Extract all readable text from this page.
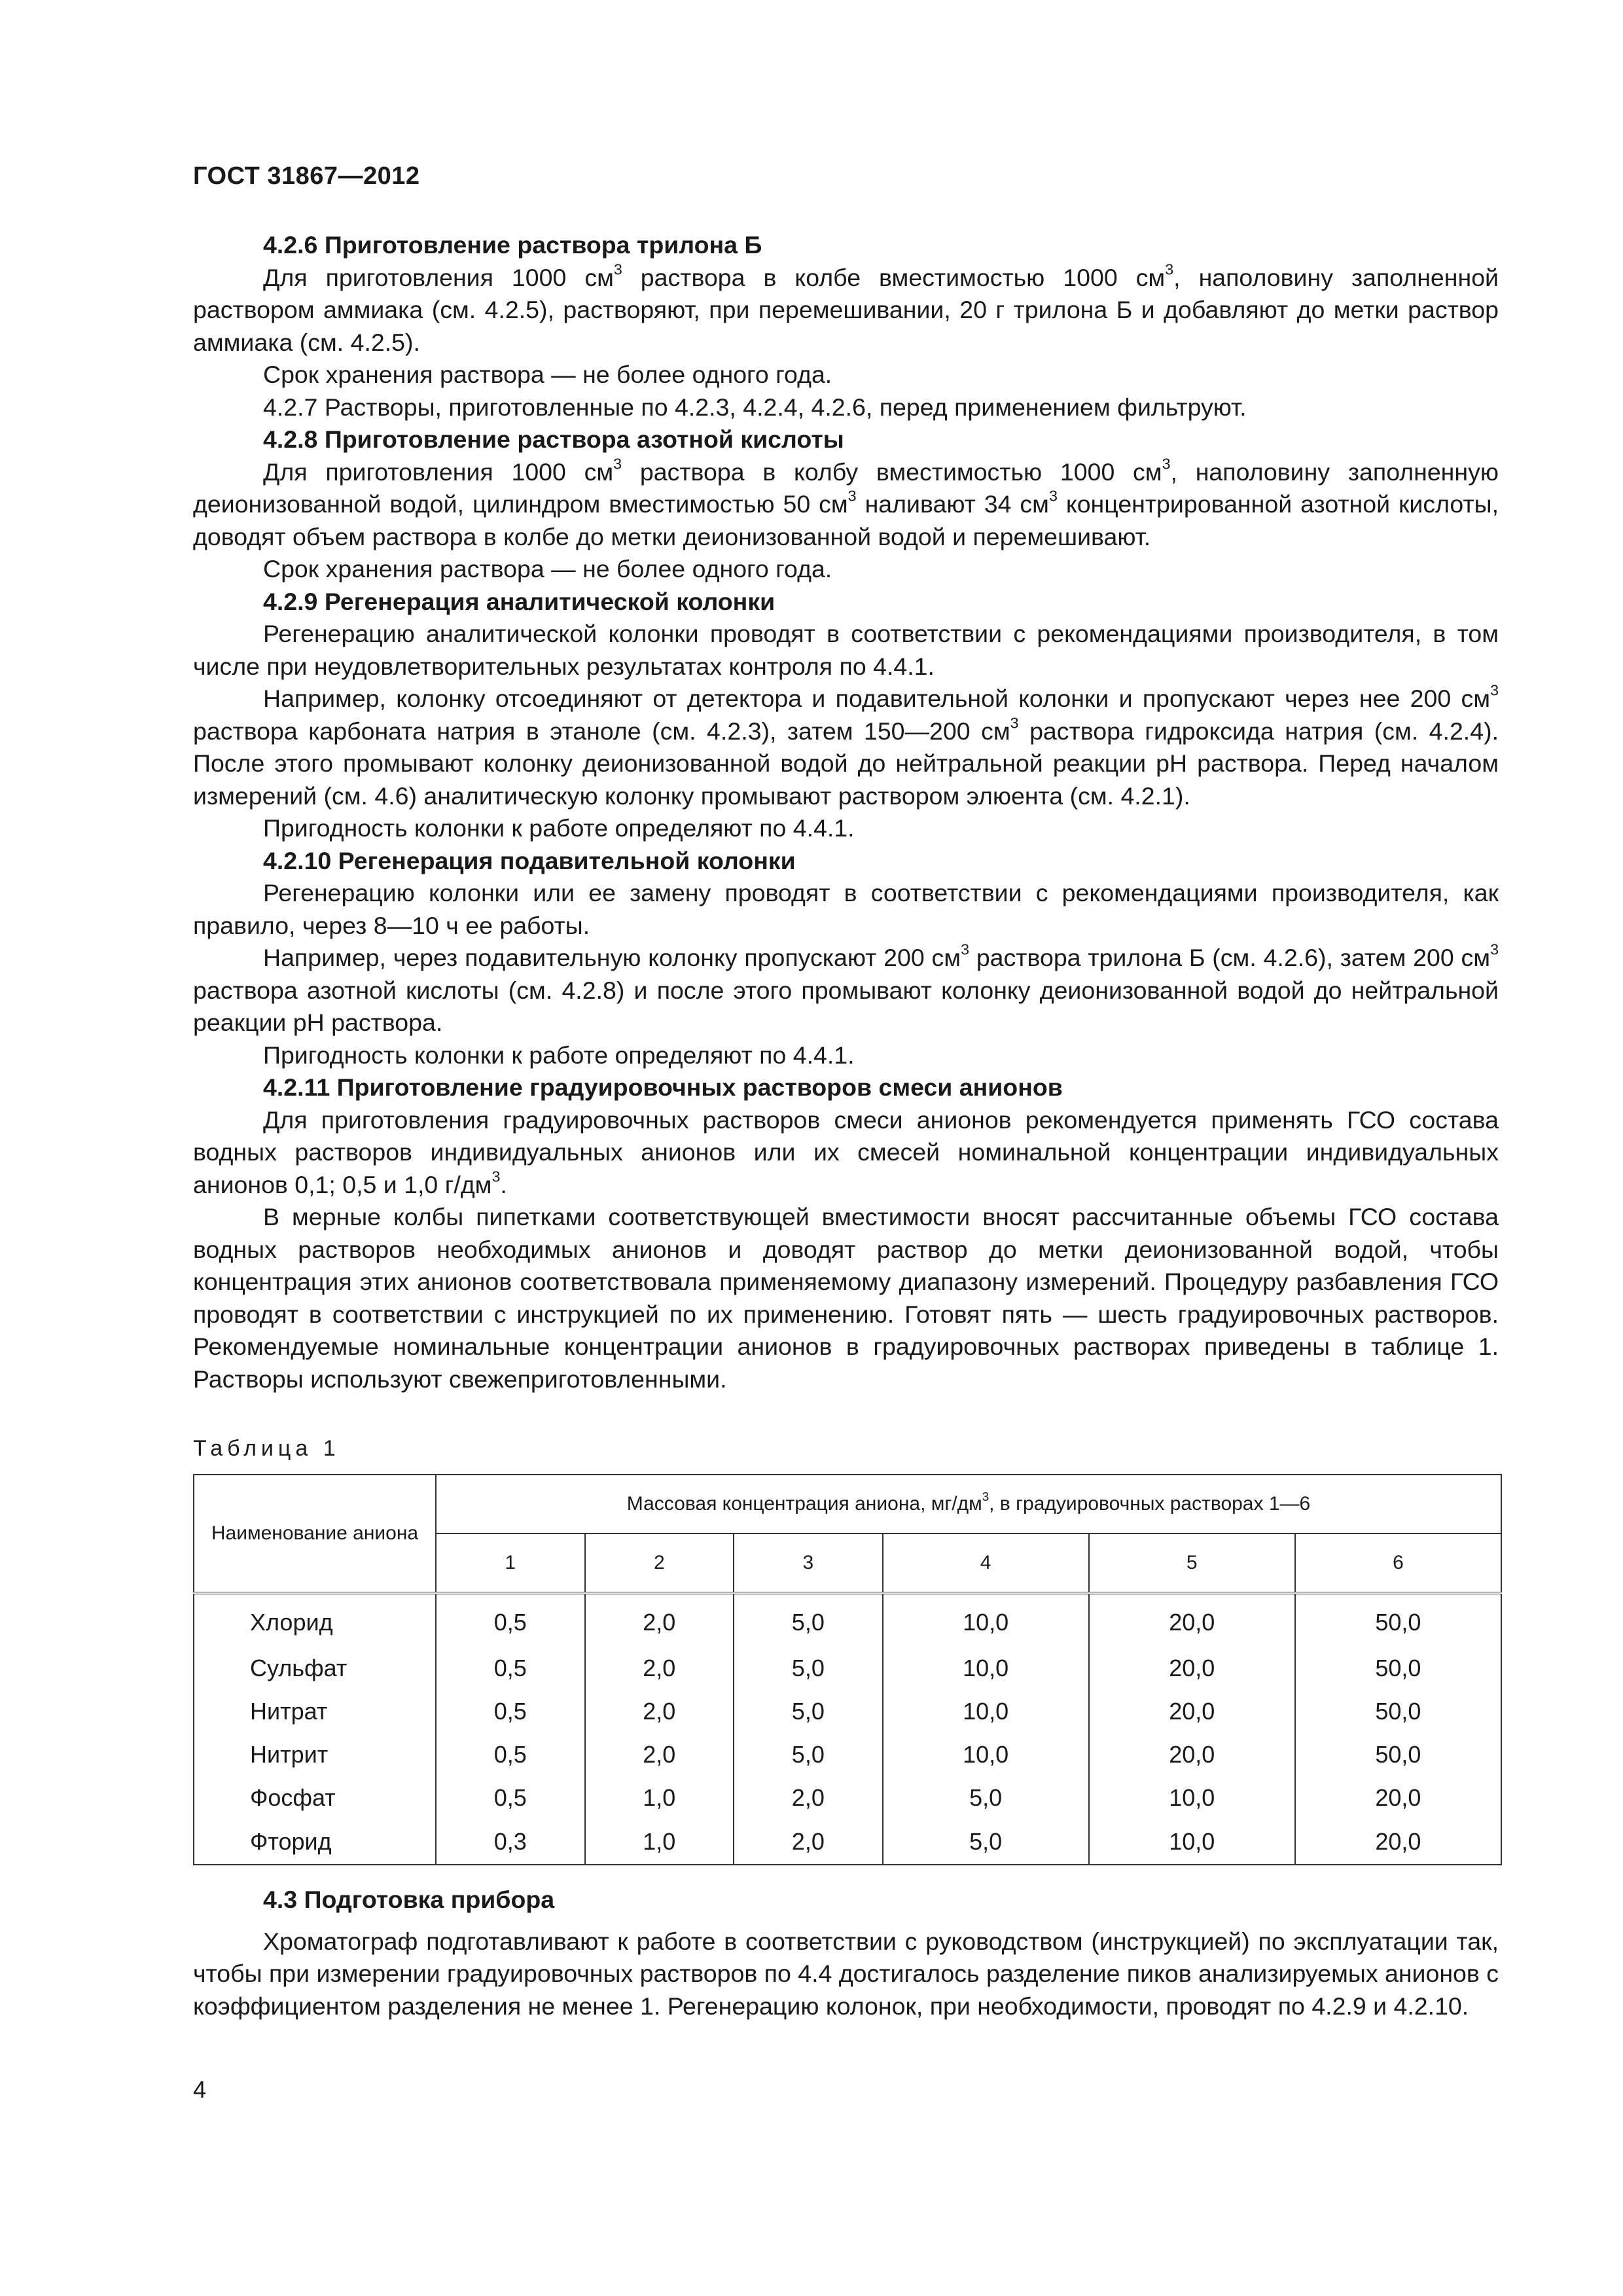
ГОСТ 31867—2012

4.2.6 Приготовление раствора трилона Б

Для приготовления 1000 $см^3$ раствора в колбе вместимостью 1000 $см^3$, наполовину заполненной раствором аммиака (см. 4.2.5), растворяют, при перемешивании, 20 г трилона Б и добавляют до метки раствор аммиака (см. 4.2.5).

Срок хранения раствора — не более одного года.

4.2.7 Растворы, приготовленные по 4.2.3, 4.2.4, 4.2.6, перед применением фильтруют.

4.2.8 Приготовление раствора азотной кислоты

Для приготовления 1000 $см^3$ раствора в колбу вместимостью 1000 $см^3$, наполовину заполненную деионизованной водой, цилиндром вместимостью 50 $см^3$ наливают 34 $см^3$ концентрированной азотной кислоты, доводят объем раствора в колбе до метки деионизованной водой и перемешивают.

Срок хранения раствора — не более одного года.

4.2.9 Регенерация аналитической колонки

Регенерацию аналитической колонки проводят в соответствии с рекомендациями производителя, в том числе при неудовлетворительных результатах контроля по 4.4.1.

Например, колонку отсоединяют от детектора и подавительной колонки и пропускают через нее 200 $см^3$ раствора карбоната натрия в этаноле (см. 4.2.3), затем 150—200 $см^3$ раствора гидроксида натрия (см. 4.2.4). После этого промывают колонку деионизованной водой до нейтральной реакции рН раствора. Перед началом измерений (см. 4.6) аналитическую колонку промывают раствором элюента (см. 4.2.1).

Пригодность колонки к работе определяют по 4.4.1.

4.2.10 Регенерация подавительной колонки

Регенерацию колонки или ее замену проводят в соответствии с рекомендациями производителя, как правило, через 8—10 ч ее работы.

Например, через подавительную колонку пропускают 200 $см^3$ раствора трилона Б (см. 4.2.6), затем 200 $см^3$ раствора азотной кислоты (см. 4.2.8) и после этого промывают колонку деионизованной водой до нейтральной реакции рН раствора.

Пригодность колонки к работе определяют по 4.4.1.

4.2.11 Приготовление градуировочных растворов смеси анионов

Для приготовления градуировочных растворов смеси анионов рекомендуется применять ГСО состава водных растворов индивидуальных анионов или их смесей номинальной концентрации индивидуальных анионов 0,1; 0,5 и 1,0 $г/дм^3$.

В мерные колбы пипетками соответствующей вместимости вносят рассчитанные объемы ГСО состава водных растворов необходимых анионов и доводят раствор до метки деионизованной водой, чтобы концентрация этих анионов соответствовала применяемому диапазону измерений. Процедуру разбавления ГСО проводят в соответствии с инструкцией по их применению. Готовят пять — шесть градуировочных растворов. Рекомендуемые номинальные концентрации анионов в градуировочных растворах приведены в таблице 1. Растворы используют свежеприготовленными.

Таблица 1
Наименование аниона	Массовая концентрация аниона, $мг/дм^3$, в градуировочных растворах 1—6					
	1	2	3	4	5	6
Хлорид	0,5	2,0	5,0	10,0	20,0	50,0
Сульфат	0,5	2,0	5,0	10,0	20,0	50,0
Нитрат	0,5	2,0	5,0	10,0	20,0	50,0
Нитрит	0,5	2,0	5,0	10,0	20,0	50,0
Фосфат	0,5	1,0	2,0	5,0	10,0	20,0
Фторид	0,3	1,0	2,0	5,0	10,0	20,0

4.3 Подготовка прибора

Хроматограф подготавливают к работе в соответствии с руководством (инструкцией) по эксплуатации так, чтобы при измерении градуировочных растворов по 4.4 достигалось разделение пиков анализируемых анионов с коэффициентом разделения не менее 1. Регенерацию колонок, при необходимости, проводят по 4.2.9 и 4.2.10.

4
